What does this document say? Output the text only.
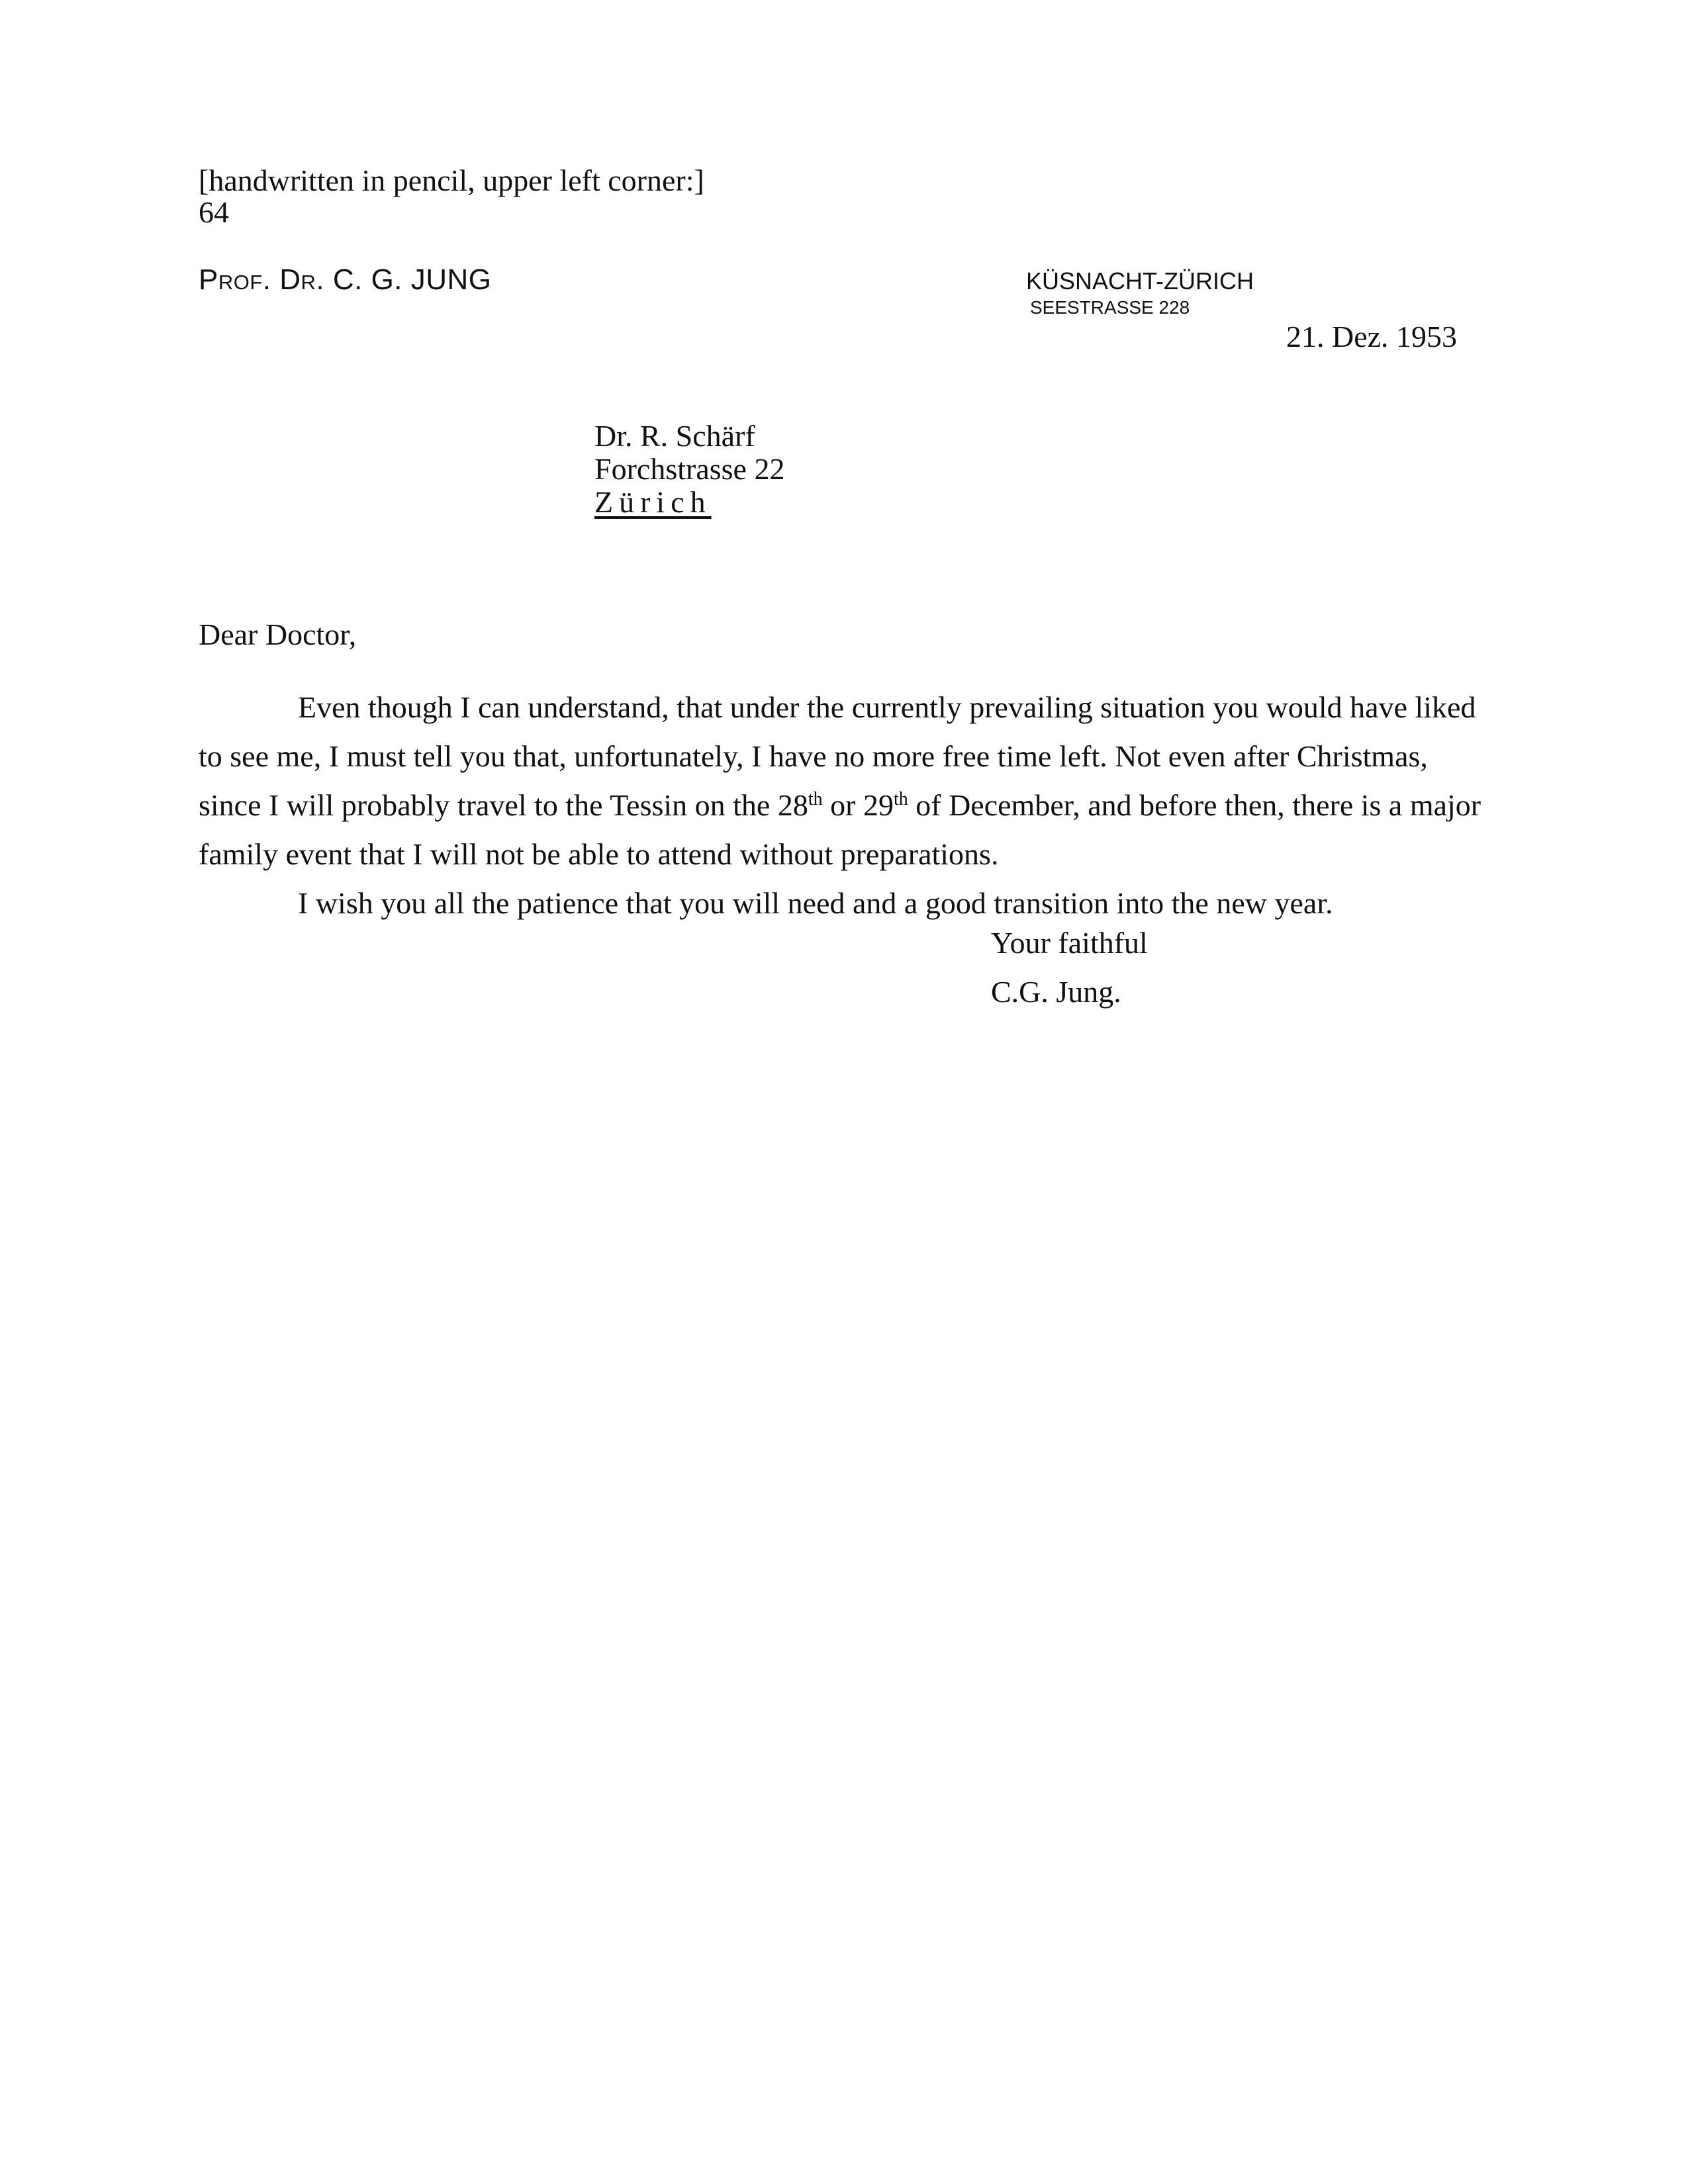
[handwritten in pencil, upper left corner:]
64
Prof. Dr. C. G. JUNG	KÜSNACHT-ZÜRICH
SEESTRASSE 228
21. Dez. 1953
Dr. R. Schärf
Forchstrasse 22
Zürich
Dear Doctor,

Even though I can understand, that under the currently prevailing situation you would have liked to see me, I must tell you that, unfortunately, I have no more free time left. Not even after Christmas, since I will probably travel to the Tessin on the 28th or 29th of December, and before then, there is a major family event that I will not be able to attend without preparations.

I wish you all the patience that you will need and a good transition into the new year.

Your faithful
C.G. Jung.
